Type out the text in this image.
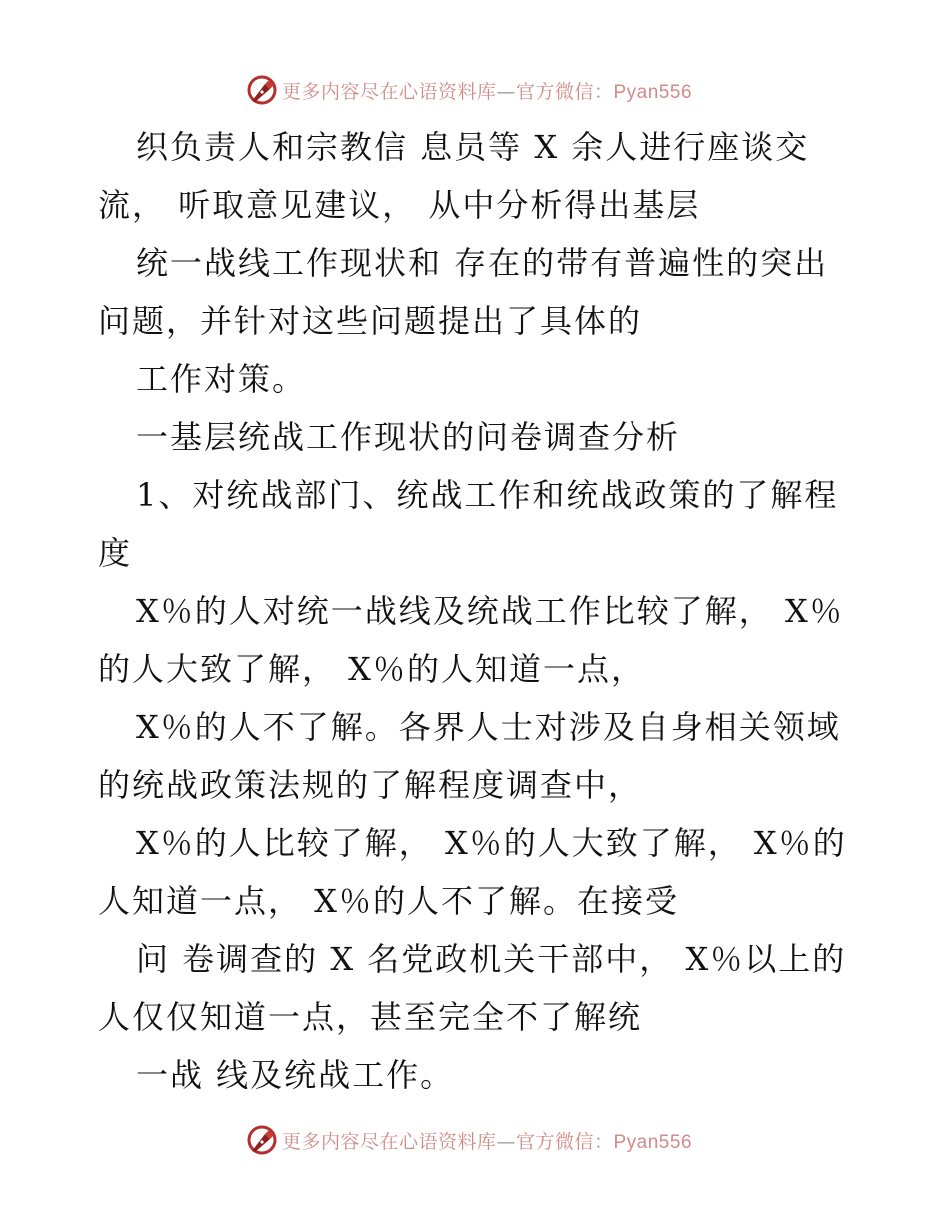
更多内容尽在心语资料库—官方微信：Pyan556
织负责人和宗教信 息员等 X 余人进行座谈交
流， 听取意见建议， 从中分析得出基层
统一战线工作现状和 存在的带有普遍性的突出
问题，并针对这些问题提出了具体的
工作对策。
一基层统战工作现状的问卷调查分析
1、对统战部门、统战工作和统战政策的了解程
度
X％的人对统一战线及统战工作比较了解， X％
的人大致了解， X％的人知道一点，
X％的人不了解。各界人士对涉及自身相关领域
的统战政策法规的了解程度调查中，
X％的人比较了解， X％的人大致了解， X％的
人知道一点， X％的人不了解。在接受
问 卷调查的 X 名党政机关干部中， X％以上的
人仅仅知道一点，甚至完全不了解统
一战 线及统战工作。
更多内容尽在心语资料库—官方微信：Pyan556
